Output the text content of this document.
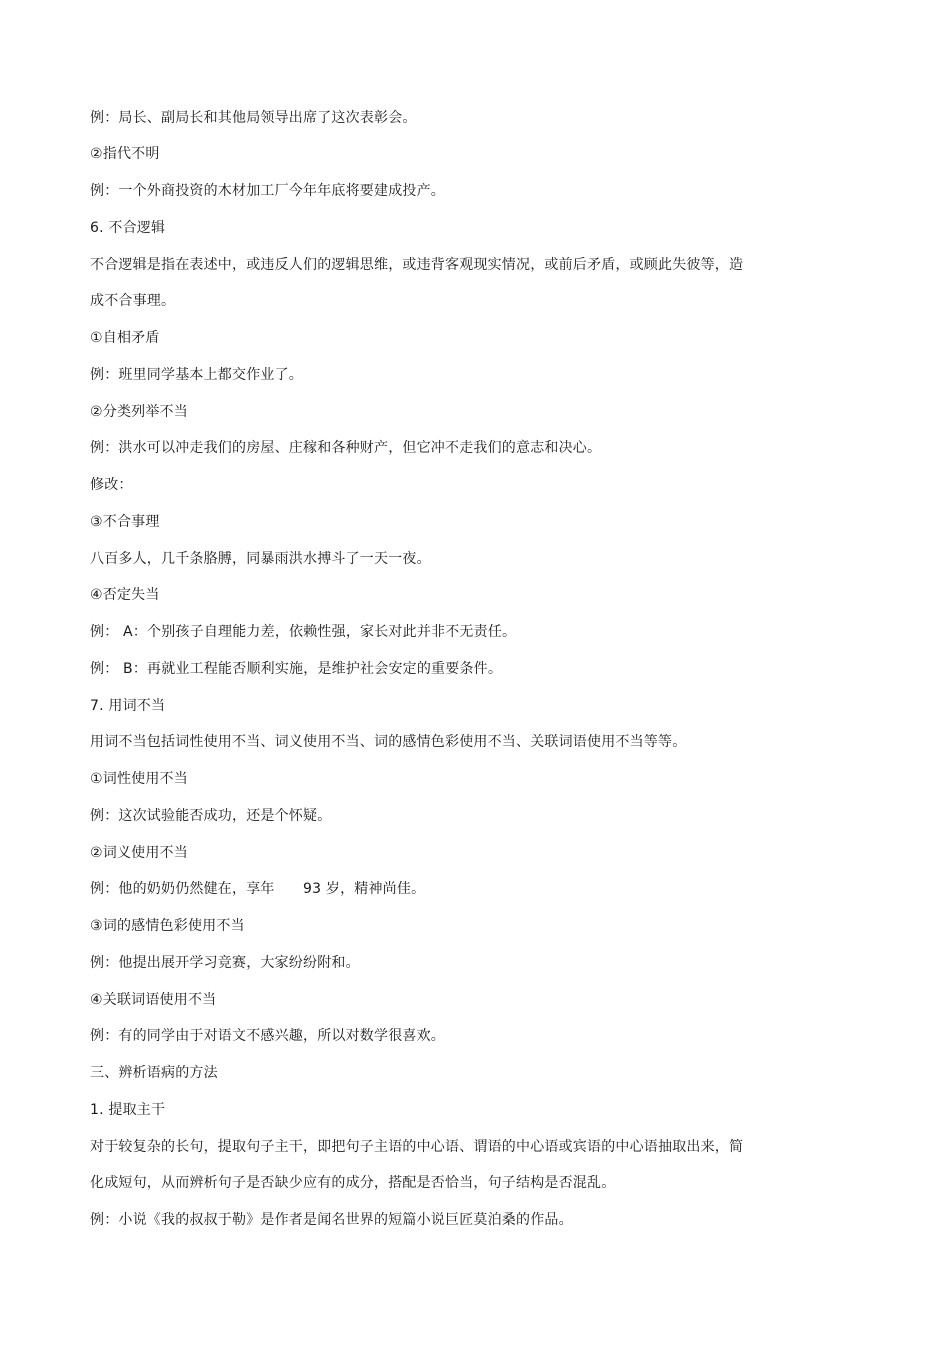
例：局长、副局长和其他局领导出席了这次表彰会。
②指代不明
例：一个外商投资的木材加工厂今年年底将要建成投产。
6. 不合逻辑
不合逻辑是指在表述中，或违反人们的逻辑思维，或违背客观现实情况，或前后矛盾，或顾此失彼等，造
成不合事理。
①自相矛盾
例：班里同学基本上都交作业了。
②分类列举不当
例：洪水可以冲走我们的房屋、庄稼和各种财产，但它冲不走我们的意志和决心。
修改：
③不合事理
八百多人，几千条胳膊，同暴雨洪水搏斗了一天一夜。
④否定失当
例： A：个别孩子自理能力差，依赖性强，家长对此并非不无责任。
例： B：再就业工程能否顺利实施，是维护社会安定的重要条件。
7. 用词不当
用词不当包括词性使用不当、词义使用不当、词的感情色彩使用不当、关联词语使用不当等等。
①词性使用不当
例：这次试验能否成功，还是个怀疑。
②词义使用不当
例：他的奶奶仍然健在，享年　　93 岁，精神尚佳。
③词的感情色彩使用不当
例：他提出展开学习竞赛，大家纷纷附和。
④关联词语使用不当
例：有的同学由于对语文不感兴趣，所以对数学很喜欢。
三、辨析语病的方法
1. 提取主干
对于较复杂的长句，提取句子主干，即把句子主语的中心语、谓语的中心语或宾语的中心语抽取出来，简
化成短句，从而辨析句子是否缺少应有的成分，搭配是否恰当，句子结构是否混乱。
例：小说《我的叔叔于勒》是作者是闻名世界的短篇小说巨匠莫泊桑的作品。
